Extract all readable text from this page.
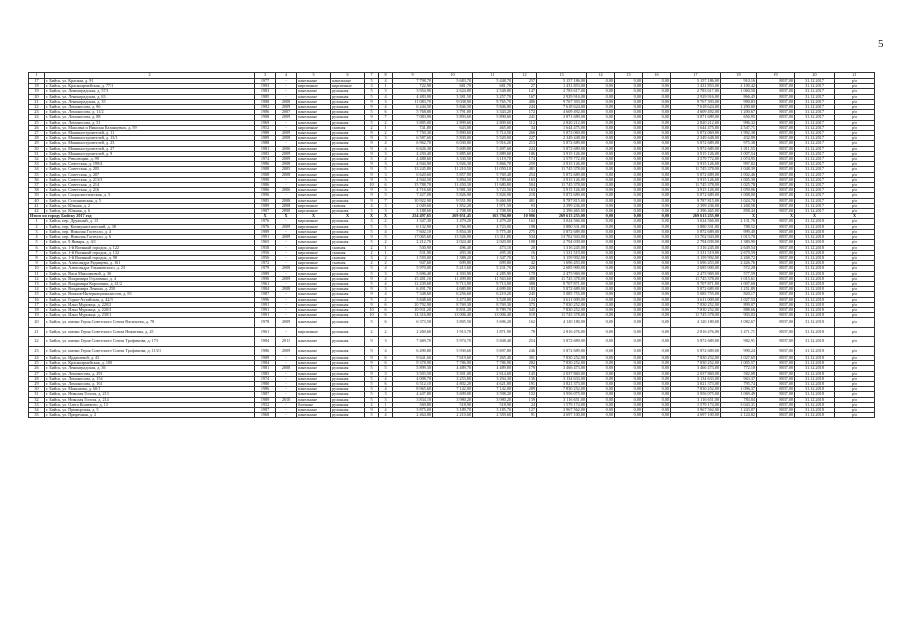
5
1	2	3	4	5	6	7	8	9	10	11	12	13	14	15	16	17	18	19	20	21
17	г. Бийск, ул. Красная, д. 91	1977	-	панельные	панельные	5	4	7 798,70	5 683,70	5 448,70	257	5 157 186,00	0,00	0,00	0,00	5 157 186,00	910,16	8837,00	31.12.2017	р/о
18	г. Бийск, ул. Красноармейская, д. 77/1	1993	-	кирпичные	кирпичные	3	1	722,90	681,70	681,70	27	1 431 853,00	0,00	0,00	0,00	1 431 853,00	2 100,42	8837,00	31.12.2017	р/о
19	г. Бийск, ул. Ленинградская, д. 57/1	1983	-	панельные	рулонная	5	3	3 954,90	2 624,80	2 548,80	147	2 783 617,00	0,00	0,00	0,00	2 783 617,00	1 060,50	8837,00	31.12.2017	р/о
20	г. Бийск, ул. Ленинградская, д. 63	1985	-	панельные	рулонная	5	4	4 483,90	3 381,50	3 257,70	167	2 929 916,00	0,00	0,00	0,00	2 929 916,00	866,45	8837,00	31.12.2017	р/о
21	г. Бийск, ул. Ленинградская, д. 35	1988	2008	панельные	рулонная	9	3	11 083,70	9 038,90	9 765,70	406	9 767 393,00	0,00	0,00	0,00	9 767 393,00	990,83	8837,00	31.12.2017	р/о
22	г. Бийск, ул. Ломоносова, д. 86	1992	2009	панельные	рулонная	9	4	6 244,50	5 846,50	5 846,80	244	7 618 624,00	0,00	0,00	0,00	7 618 624,00	1 290,00	8837,00	31.12.2017	р/о
23	г. Бийск, ул. Ломоносова, д. 11/2	1986	2007	панельные	рулонная	5	6	5 768,80	3 791,00	3 343,20	172	4 609 492,00	0,00	0,00	0,00	4 609 492,00	1 200,67	8837,00	31.12.2017	р/о
24	г. Бийск, ул. Ломоносова, д. 88	1988	2009	панельные	рулонная	9	7	7 083,90	5 893,60	5 890,60	241	3 871 689,00	0,00	0,00	0,00	3 871 689,00	656,95	8837,00	31.12.2017	р/о
25	г. Бийск, ул. Ломоносова, д. 51	1969	-	панельные	рулонная	5	2	3 885,00	2 899,60	2 809,60	112	2 820 212,00	0,00	0,00	0,00	2 820 212,00	996,32	8837,00	31.12.2017	р/о
26	г. Бийск, ул. Максима и Николая Казанцевых, д. 59	1952	-	кирпичные	скатная	2	1	741,80	643,00	465,00	34	1 644 475,00	0,00	0,00	0,00	1 644 475,00	2 547,71	8837,00	31.12.2017	р/о
27	г. Бийск, ул. Машиностроителей, д. 11	1988	2009	панельные	рулонная	9	2	7 750,30	5 890,60	5 714,50	266	5 872 069,00	0,00	0,00	0,00	5 872 069,00	1 992,38	8837,00	31.12.2017	р/о
28	г. Бийск, ул. Машиностроителей, д. 13/1	1989	2008	панельные	рулонная	9	3	6 587,60	5 830,00	5 520,00	227	2 349 448,00	0,00	0,00	0,00	2 349 448,00	432,99	8837,00	31.12.2017	р/о
29	г. Бийск, ул. Машиностроителей, д. 23	1988	-	панельные	рулонная	9	4	6 962,70	6 030,00	5 916,20	213	5 872 689,00	0,00	0,00	0,00	5 872 689,00	975,38	8837,00	31.12.2017	р/о
30	г. Бийск, ул. Машиностроителей, д. 27	1981	2006	панельные	рулонная	9	4	6 626,30	5 609,80	5 497,60	224	5 872 689,00	0,00	0,00	0,00	5 872 689,00	1 011,55	8837,00	31.12.2017	р/о
31	г. Бийск, ул. Машиностроителей, д. 9	1983	2009	панельные	рулонная	9	3	4 250,40	3 885,60	3 889,60	186	3 915 126,00	0,00	0,00	0,00	3 915 126,00	1 007,54	8837,00	31.12.2017	р/о
32	г. Бийск, ул. Революции, д. 99	1974	2009	панельные	рулонная	5	4	4 488,60	3 330,50	3 119,70	174	3 579 772,00	0,00	0,00	0,00	3 579 772,00	1 074,95	8837,00	31.12.2017	р/о
33	г. Бийск, ул. Советская, д. 199/4	1986	2008	панельные	рулонная	9	3	4 944,90	3 926,30	3 866,70	259	3 915 126,00	0,00	0,00	0,00	3 915 126,00	997,02	8837,00	31.12.2017	р/о
34	г. Бийск, ул. Советская, д. 205	1988	2005	панельные	рулонная	9	5	13 245,80	11 210,50	11 050,10	481	11 745 378,00	0,00	0,00	0,00	11 745 378,00	1 048,39	8837,00	31.12.2017	р/о
35	г. Бийск, ул. Советская, д. 207	1988	2008	панельные	рулонная	9	3	6 620,60	5 857,90	5 769,40	254	5 872 689,00	0,00	0,00	0,00	5 872 689,00	1 002,46	8837,00	31.12.2017	р/о
36	г. Бийск, ул. Советская, д. 213/3	1990	-	панельные	рулонная	9	3	4 944,50	3 894,50	3 789,60	163	3 915 126,00	0,00	0,00	0,00	3 915 126,00	1 005,30	8837,00	31.12.2017	р/о
37	г. Бийск, ул. Советская, д. 214	1986	-	панельные	рулонная	10	6	15 788,70	11 450,30	11 680,80	504	11 745 378,00	0,00	0,00	0,00	11 745 378,00	1 025,78	8837,00	31.12.2017	р/о
38	г. Бийск, ул. Советская, д. 216	1986	2006	панельные	рулонная	9	3	4 716,60	3 981,30	3 723,50	163	3 915 126,00	0,00	0,00	0,00	3 915 126,00	1 059,06	8837,00	31.12.2017	р/о
39	г. Бийск, ул. Социалистическая, д. 3	1996	-	панельные	рулонная	9	5	7 427,00	5 826,90	5 826,90	218	5 872 689,00	0,00	0,00	0,00	5 872 689,00	1 008,00	8837,00	31.12.2017	р/о
40	г. Бийск, ул. Стахановская, д. 5	1985	2008	панельные	рулонная	9	7	10 922,90	9 551,90	9 460,90	401	9 787 815,00	0,00	0,00	0,00	9 787 815,00	1 024,70	8837,00	31.12.2017	р/о
41	г. Бийск, ул. Южная, д. 2	1989	2008	кирпичные	скатная	4	3	2 049,60	1 852,20	1 971,50	93	2 399 236,00	0,00	0,00	0,00	2 399 236,00	1 268,58	8837,00	31.12.2017	р/о
42	г. Бийск, ул. Южная, д. 6	1987	2008	кирпичные	рулонная	5	3	3 188,60	2 708,90	2 708,90	134	2 396 465,00	0,00	0,00	0,00	2 396 465,00	858,44	8837,00	31.12.2017	р/о
Итого по городу Бийску 2017 год		Х	Х	Х	Х	Х	Х	254 497,65	269 051,45	163 794,00	10 906	269 613 255,00	0,00	0,00	0,00	269 613 255,00	Х	Х	Х	Х
1	г. Бийск, пер. Дружный, д. 13	1976	-	кирпичные	рулонная	3	2	1 347,30	1 479,20	1 479,20	163	3 024 566,00	0,00	0,00	0,00	3 024 566,00	2 131,76	8837,00	31.12.2018	р/о
2	г. Бийск, пер. Коммунистический, д. 38	1976	2009	кирпичные	рулонная	5	5	6 132,90	4 766,90	4 723,00	198	3 880 331,00	0,00	0,00	0,00	3 880 331,00	788,52	8837,00	31.12.2018	р/о
3	г. Бийск, пер. Николая Гастелло, д. 4	1989	-	панельные	рулонная	5	4	7 602,10	5 854,30	5 775,40	275	5 872 689,00	0,00	0,00	0,00	5 872 689,00	999,40	8837,00	31.12.2018	р/о
4	г. Бийск, пер. Николая Гастелло, д. 6	1991	2009	панельные	рулонная	9	5	17 065,60	13 526,90	13 311,80	534	13 702 943,00	0,00	0,00	0,00	13 702 943,00	1 013,70	8837,00	31.12.2018	р/о
5	г. Бийск, ул. 9 Января, д. 4/1	1965	-	панельные	рулонная	5	2	2 212,70	2 024,40	2 020,00	108	2 794 039,00	0,00	0,00	0,00	2 794 039,00	1 380,90	8837,00	31.12.2018	р/о
6	г. Бийск, ул. 1-й Военный городок, д. 122	1958	-	кирпичные	скатная	2	1	530,90	496,40	473,10	20	1 316 245,00	0,00	0,00	0,00	1 316 245,00	2 649,54	8837,00	31.12.2018	р/о
7	г. Бийск, ул. 1-й Военный городок, д. 132	1956	-	кирпичные	скатная	2	1	531,90	493,30	495,30	16	1 331 519,00	0,00	0,00	0,00	1 331 519,00	2 679,59	8837,00	31.12.2018	р/о
8	г. Бийск, ул. 1-й Военный городок, д. 98	1956	-	кирпичные	скатная	3	2	1 559,00	1 388,20	1 347,70	51	3 159 992,00	0,00	0,00	0,00	3 159 992,00	2 268,72	8837,00	31.12.2018	р/о
9	г. Бийск, ул. Александра Радищева, д. 161	1972	-	кирпичные	скатная	2	2	947,60	699,80	699,80	42	1 696 453,00	0,00	0,00	0,00	1 696 453,00	2 426,76	8837,00	31.12.2018	р/о
10	г. Бийск, ул. Александра Ульяновского, д. 23	1979	2008	кирпичные	рулонная	5	4	5 970,00	5 413,60	5 231,70	226	2 685 900,00	0,00	0,00	0,00	2 685 900,00	572,28	8837,00	31.12.2018	р/о
11	г. Бийск, ул. Васи Максимовой, д. 36	1989	-	панельные	рулонная	5	3	5 696,40	4 393,90	4 285,90	179	2 475 969,00	0,00	0,00	0,00	2 475 969,00	577,59	8837,00	31.12.2018	р/о
12	г. Бийск, ул. Владимира Гоуловани, д. 4	1990	2009	панельные	рулонная	9	4	15 481,10	11 499,80	11 563,60	488	11 745 378,00	0,00	0,00	0,00	11 745 378,00	1 015,61	8837,00	31.12.2018	р/о
13	г. Бийск, ул. Владимира Короленко, д. 41/2	1961	-	панельные	рулонная	5	4	12 239,60	9 713,90	9 713,90	388	9 707 871,00	0,00	0,00	0,00	9 707 871,00	1 007,68	8837,00	31.12.2018	р/о
14	г. Бийск, ул. Владимира Ленина, д. 250	1984	2008	панельные	рулонная	9	3	6 491,70	4 680,80	4 699,00	183	5 872 689,00	0,00	0,00	0,00	5 872 689,00	1 251,89	8837,00	31.12.2018	р/о
15	г. Бийск, ул. Воинов-Интернационалистов, д. 83	1987	-	панельные	рулонная	9	4	7 348,60	6 256,60	6 210,20	245	5 085 755,00	0,00	0,00	0,00	5 085 755,00	820,17	8837,00	31.12.2018	р/о
16	г. Бийск, ул. Горно-Алтайская, д. 42/3	1996	-	панельные	рулонная	5	2	3 848,60	3 473,80	3 528,00	124	3 611 009,00	0,00	0,00	0,00	3 611 009,00	1 027,53	8837,00	31.12.2018	р/о
17	г. Бийск, ул. Ильи Мурожца, д. 220/2	1991	-	панельные	рулонная	9	6	10 792,90	8 769,30	8 769,30	375	7 830 252,00	0,00	0,00	0,00	7 830 252,00	899,07	8837,00	31.12.2018	р/о
18	г. Бийск, ул. Ильи Мурожца, д. 220/3	1991	-	панельные	рулонная	10	6	10 931,20	8 831,20	8 789,70	345	7 830 252,00	0,00	0,00	0,00	7 830 252,00	888,66	8837,00	31.12.2018	р/о
19	г. Бийск, ул. Ильи Мурожца, д. 230/1	1991	-	панельные	рулонная	10	6	14 316,80	13 006,40	13 006,40	519	11 745 378,00	0,00	0,00	0,00	11 745 378,00	903,03	8837,00	31.12.2018	р/о
20	г. Бийск, ул. имени Героя Советского Союза Васильева, д. 78	1978	2009	панельные	рулонная	5	6	6 373,50	3 805,50	3 696,20	162	4 120 180,00	0,00	0,00	0,00	4 120 180,00	1 082,67	8837,00	31.12.2018	р/о
21	г. Бийск, ул. имени Героя Советского Союза Никитина, д. 25	1961	-	кирпичные	рулонная	2	2	2 269,60	1 913,70	1 871,90	78	2 816 476,00	0,00	0,00	0,00	2 816 476,00	1 471,71	8837,00	31.12.2018	р/о
22	г. Бийск, ул. имени Героя Советского Союза Трофимова, д. 173	1984	2011	панельные	рулонная	9	3	7 469,70	5 974,70	5 848,40	254	5 872 689,00	0,00	0,00	0,00	5 872 689,00	982,91	8837,00	31.12.2018	р/о
23	г. Бийск, ул. имени Героя Советского Союза Трофимова, д. 113/1	1986	2009	панельные	рулонная	9	4	6 490,80	5 930,60	5 697,80	246	5 872 689,00	0,00	0,00	0,00	5 872 689,00	990,24	8837,00	31.12.2018	р/о
24	г. Бийск, ул. Ирдашевой, д. 43	1989	-	панельные	рулонная	9	6	9 641,60	7 619,60	7 265,40	301	7 830 252,00	0,00	0,00	0,00	7 830 252,00	1 027,65	8837,00	31.12.2018	р/о
25	г. Бийск, ул. Красноармейская, д. 100	1984	-	панельные	рулонная	9	6	9 378,90	7 786,90	7 786,90	282	7 830 252,00	0,00	0,00	0,00	7 830 252,00	1 005,57	8837,00	31.12.2018	р/о
26	г. Бийск, ул. Ленинградская, д. 36	1981	2008	панельные	рулонная	5	5	5 899,30	4 489,70	4 489,80	179	3 466 473,00	0,00	0,00	0,00	3 466 473,00	772,10	8837,00	31.12.2018	р/о
27	г. Бийск, ул. Ломоносова, д. 291	1985	-	панельные	рулонная	9	3	3 503,50	3 501,00	2 614,60	145	2 037 860,00	0,00	0,00	0,00	2 037 860,00	582,08	8837,00	31.12.2018	р/о
28	г. Бийск, ул. Ломоносова, д. 154	1974	-	панельные	рулонная	5	4	4 098,70	3 253,80	3 294,30	136	3 134 633,00	0,00	0,00	0,00	3 134 633,00	963,37	8837,00	31.12.2018	р/о
29	г. Бийск, ул. Ломоносова, д. 161	1980	-	панельные	рулонная	5	6	6 512,10	4 802,20	4 621,80	191	3 821 373,00	0,00	0,00	0,00	3 821 373,00	795,74	8837,00	31.12.2018	р/о
30	г. Бийск, ул. Мамонова, д. 60/1	1986	-	панельные	рулонная	5	4	8 965,60	7 142,00	7 142,00	289	7 830 252,00	0,00	0,00	0,00	7 830 252,00	1 096,37	8837,00	31.12.2018	р/о
31	г. Бийск, ул. Николая Гоголя, д. 213	1987	-	панельные	рулонная	5	3	4 447,80	3 699,00	3 598,20	152	3 956 075,00	0,00	0,00	0,00	3 956 075,00	1 069,49	8837,00	31.12.2018	р/о
32	г. Бийск, ул. Николая Гоголя, д. 214	1989	2010	панельные	рулонная	5	3	3 834,10	3 980,20	3 980,20	139	3 116 651,00	0,00	0,00	0,00	3 116 651,00	783,04	8837,00	31.12.2018	р/о
33	г. Бийск, ул. Олега Кошевого, д. 13	1952	-	блочные	рулонная	2	1	569,80	518,90	518,90	24	1 579 174,00	0,00	0,00	0,00	1 579 174,00	3 043,31	8837,00	31.12.2018	р/о
34	г. Бийск, ул. Приморская, д. 5	1987	-	панельные	рулонная	9	4	3 875,00	3 189,70	3 185,70	127	3 967 562,00	0,00	0,00	0,00	3 967 562,00	1 243,87	8837,00	31.12.2018	р/о
35	г. Бийск, ул. Приречная, д. 2	1968	-	панельные	рулонная	5	4	2 464,80	2 210,60	2 359,60	91	4 697 100,00	0,00	0,00	0,00	4 697 100,00	2 124,82	8837,00	31.12.2018	р/о
